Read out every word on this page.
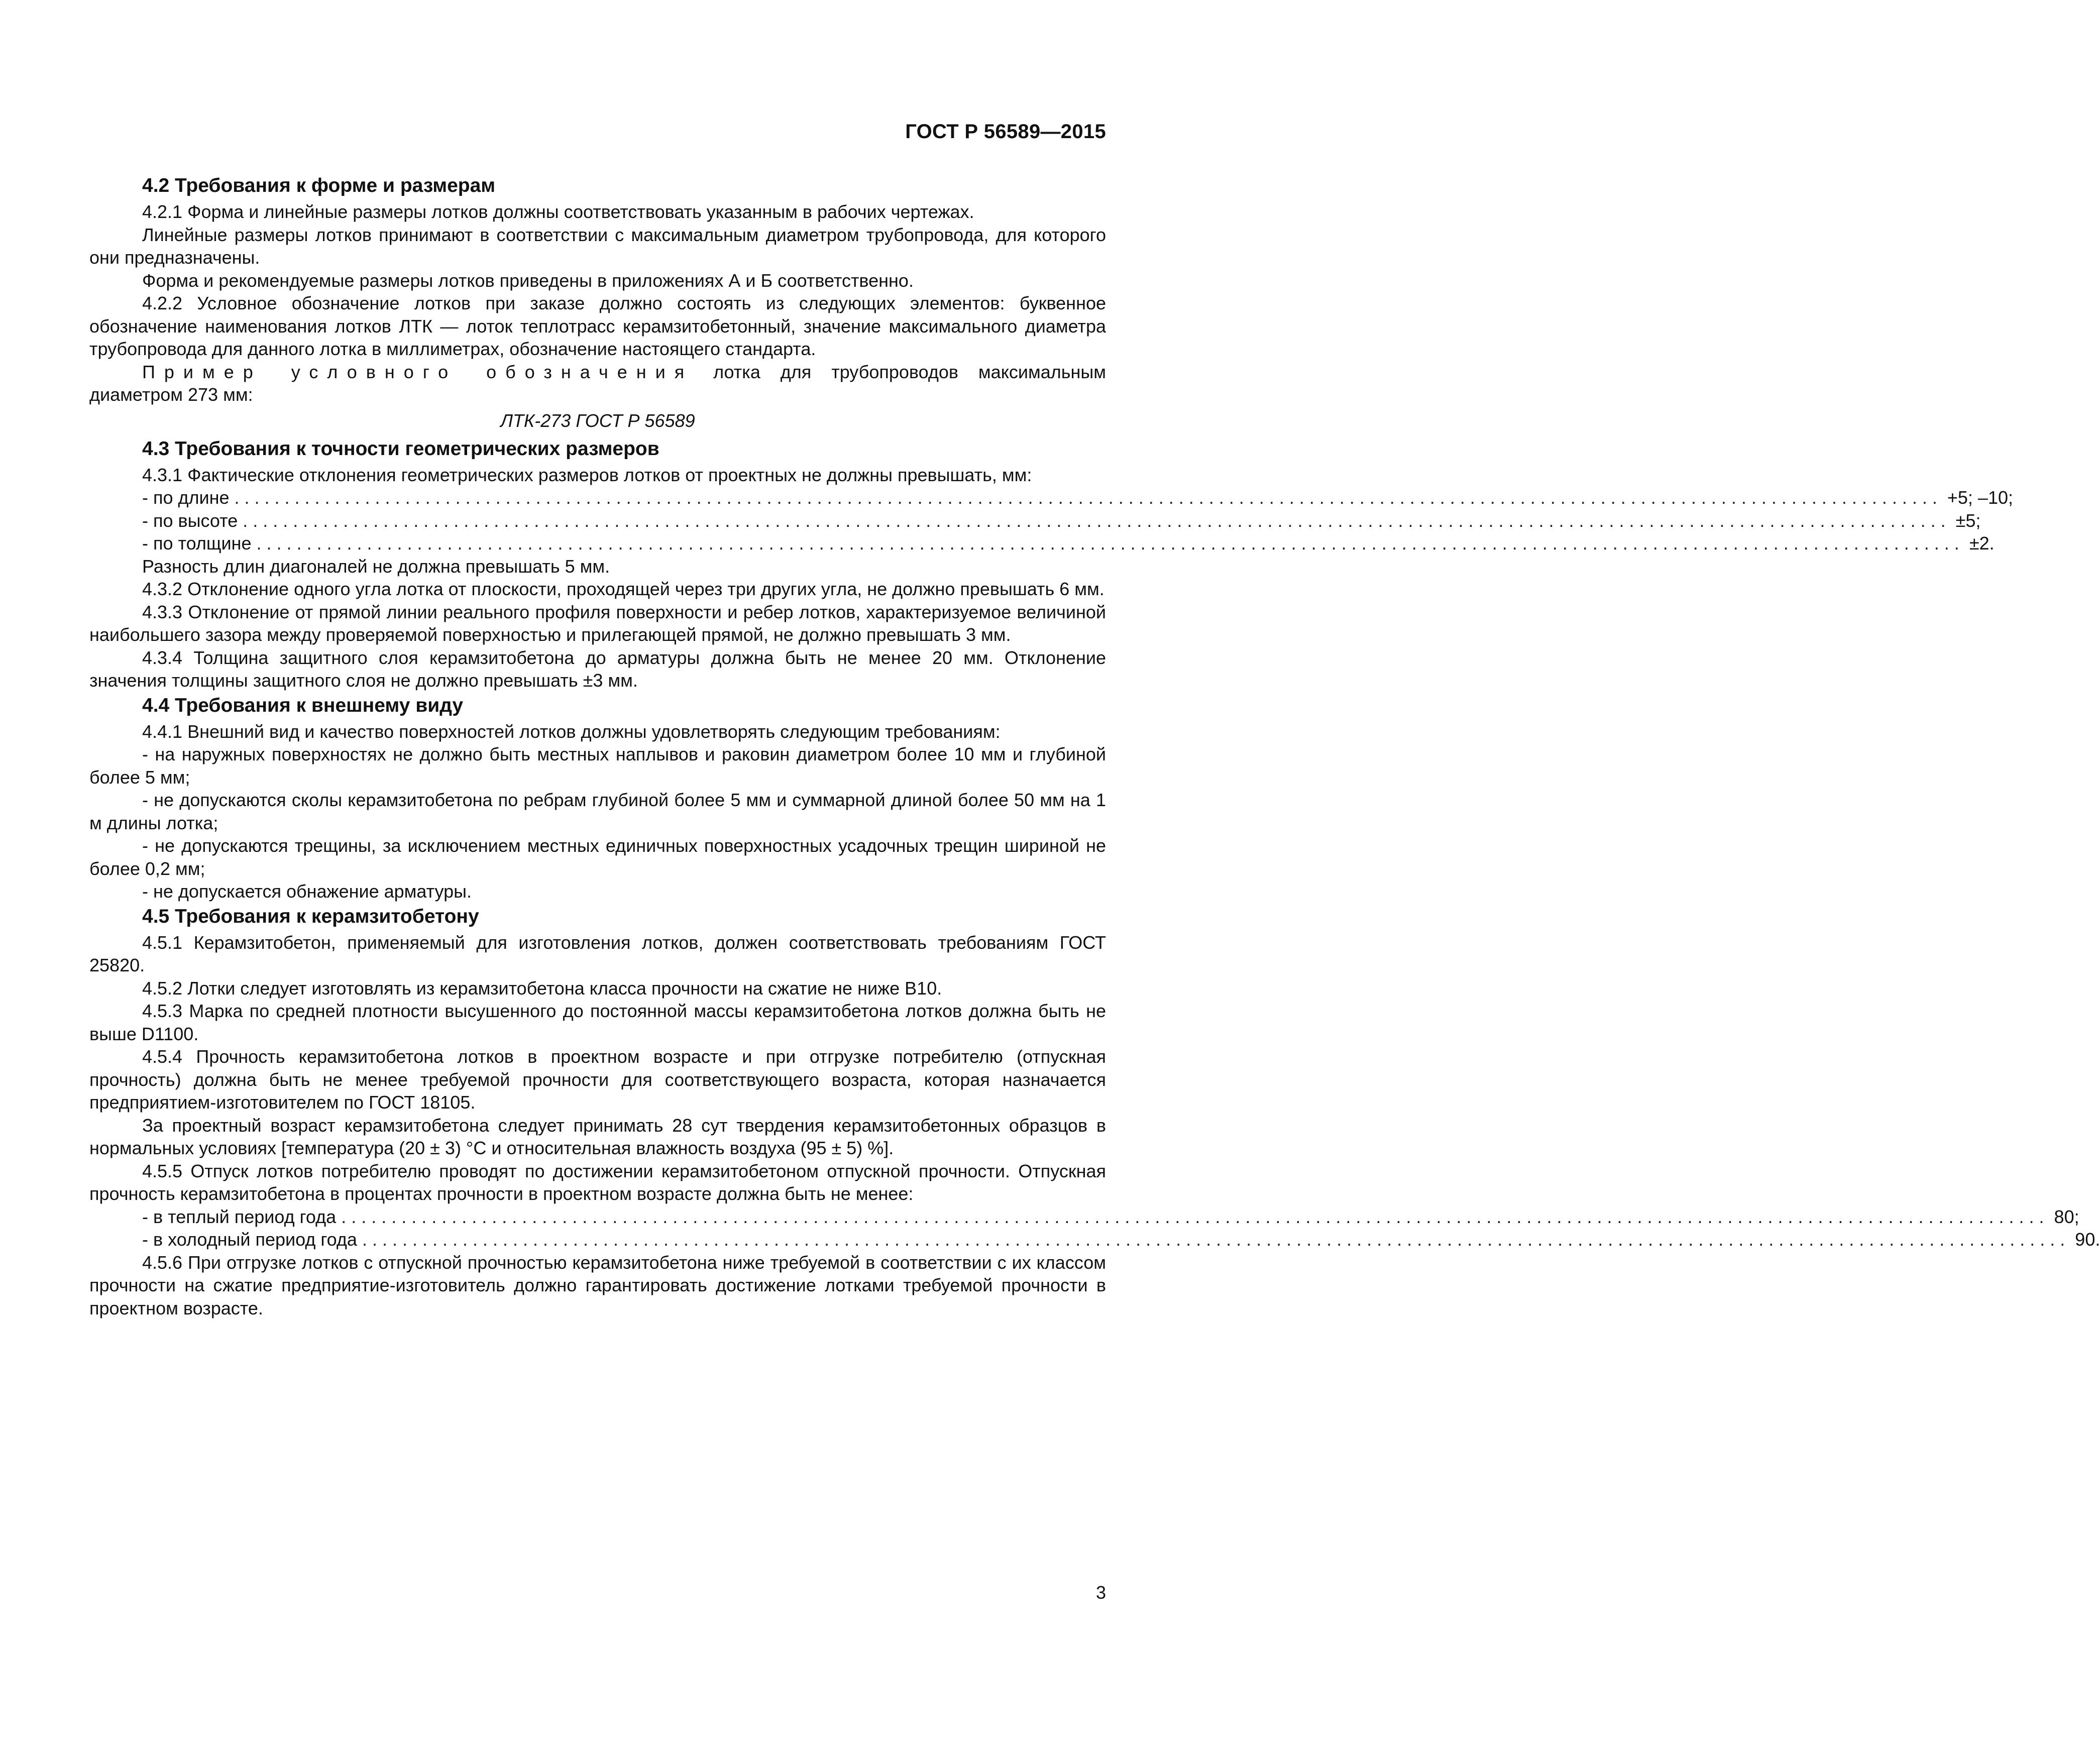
ГОСТ Р 56589—2015
4.2 Требования к форме и размерам

4.2.1 Форма и линейные размеры лотков должны соответствовать указанным в рабочих чертежах.

Линейные размеры лотков принимают в соответствии с максимальным диаметром трубопровода, для которого они предназначены.

Форма и рекомендуемые размеры лотков приведены в приложениях А и Б соответственно.

4.2.2 Условное обозначение лотков при заказе должно состоять из следующих элементов: буквенное обозначение наименования лотков ЛТК — лоток теплотрасс керамзитобетонный, значение максимального диаметра трубопровода для данного лотка в миллиметрах, обозначение настоящего стандарта.

Пример условного обозначения лотка для трубопроводов максимальным диаметром 273 мм:

ЛТК-273 ГОСТ Р 56589
4.3 Требования к точности геометрических размеров

4.3.1 Фактические отклонения геометрических размеров лотков от проектных не должны превышать, мм:

- по длине .......................................................................................................................................................................... +5; –10;
- по высоте .......................................................................................................................................................................... ±5;
- по толщине .......................................................................................................................................................................... ±2.

Разность длин диагоналей не должна превышать 5 мм.

4.3.2 Отклонение одного угла лотка от плоскости, проходящей через три других угла, не должно превышать 6 мм.

4.3.3 Отклонение от прямой линии реального профиля поверхности и ребер лотков, характеризуемое величиной наибольшего зазора между проверяемой поверхностью и прилегающей прямой, не должно превышать 3 мм.

4.3.4 Толщина защитного слоя керамзитобетона до арматуры должна быть не менее 20 мм. Отклонение значения толщины защитного слоя не должно превышать ±3 мм.

4.4 Требования к внешнему виду

4.4.1 Внешний вид и качество поверхностей лотков должны удовлетворять следующим требованиям:

- на наружных поверхностях не должно быть местных наплывов и раковин диаметром более 10 мм и глубиной более 5 мм;

- не допускаются сколы керамзитобетона по ребрам глубиной более 5 мм и суммарной длиной более 50 мм на 1 м длины лотка;

- не допускаются трещины, за исключением местных единичных поверхностных усадочных трещин шириной не более 0,2 мм;

- не допускается обнажение арматуры.

4.5 Требования к керамзитобетону

4.5.1 Керамзитобетон, применяемый для изготовления лотков, должен соответствовать требованиям ГОСТ 25820.

4.5.2 Лотки следует изготовлять из керамзитобетона класса прочности на сжатие не ниже В10.

4.5.3 Марка по средней плотности высушенного до постоянной массы керамзитобетона лотков должна быть не выше D1100.

4.5.4 Прочность керамзитобетона лотков в проектном возрасте и при отгрузке потребителю (отпускная прочность) должна быть не менее требуемой прочности для соответствующего возраста, которая назначается предприятием-изготовителем по ГОСТ 18105.

За проектный возраст керамзитобетона следует принимать 28 сут твердения керамзитобетонных образцов в нормальных условиях [температура (20 ± 3) °С и относительная влажность воздуха (95 ± 5) %].

4.5.5 Отпуск лотков потребителю проводят по достижении керамзитобетоном отпускной прочности. Отпускная прочность керамзитобетона в процентах прочности в проектном возрасте должна быть не менее:

- в теплый период года .......................................................................................................................................................................... 80;
- в холодный период года .......................................................................................................................................................................... 90.

4.5.6 При отгрузке лотков с отпускной прочностью керамзитобетона ниже требуемой в соответствии с их классом прочности на сжатие предприятие-изготовитель должно гарантировать достижение лотками требуемой прочности в проектном возрасте.

3
